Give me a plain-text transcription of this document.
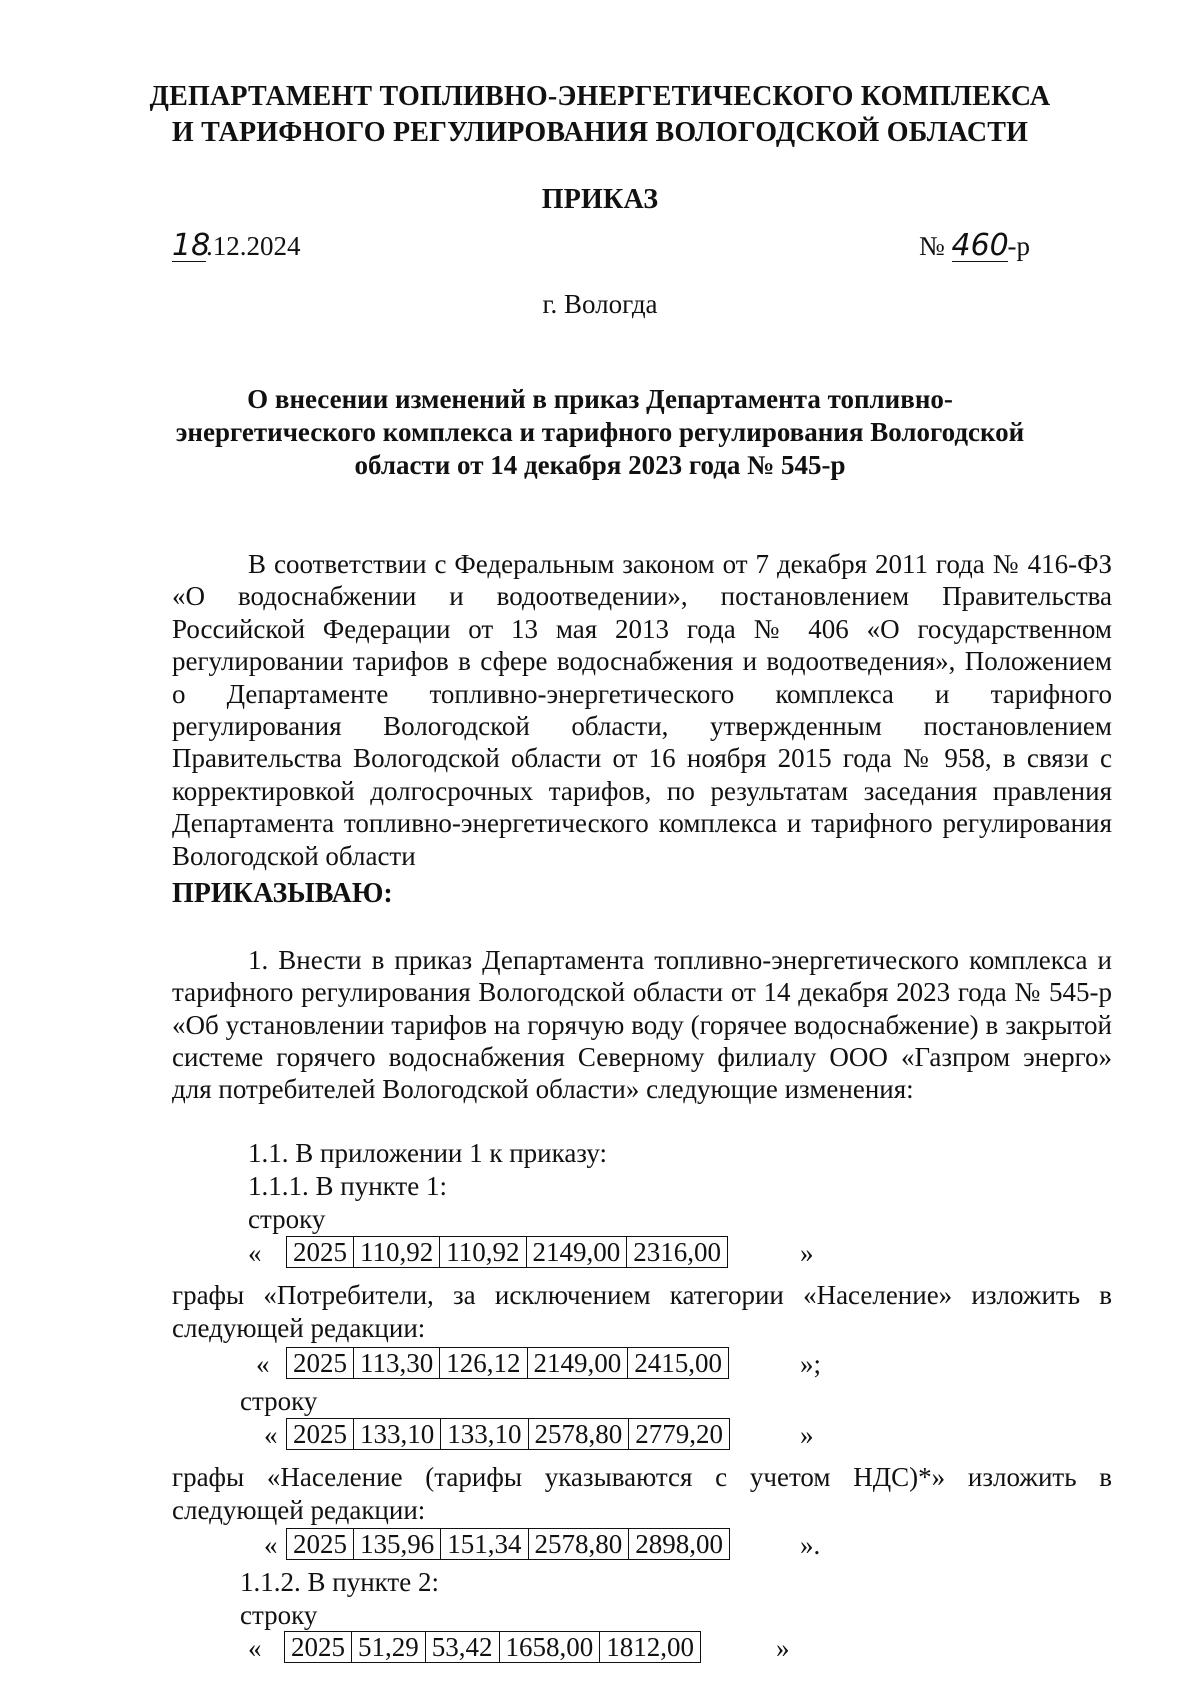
ДЕПАРТАМЕНТ ТОПЛИВНО-ЭНЕРГЕТИЧЕСКОГО КОМПЛЕКСА
И ТАРИФНОГО РЕГУЛИРОВАНИЯ ВОЛОГОДСКОЙ ОБЛАСТИ
ПРИКАЗ
18.12.2024	№ 460-р
г. Вологда
О внесении изменений в приказ Департамента топливно-
энергетического комплекса и тарифного регулирования Вологодской
области от 14 декабря 2023 года № 545-р

В соответствии с Федеральным законом от 7 декабря 2011 года № 416-ФЗ «О водоснабжении и водоотведении», постановлением Правительства Российской Федерации от 13 мая 2013 года № 406 «О государственном регулировании тарифов в сфере водоснабжения и водоотведения», Положением о Департаменте топливно-энергетического комплекса и тарифного регулирования Вологодской области, утвержденным постановлением Правительства Вологодской области от 16 ноября 2015 года № 958, в связи с корректировкой долгосрочных тарифов, по результатам заседания правления Департамента топливно-энергетического комплекса и тарифного регулирования Вологодской области

ПРИКАЗЫВАЮ:

1. Внести в приказ Департамента топливно-энергетического комплекса и тарифного регулирования Вологодской области от 14 декабря 2023 года № 545-р «Об установлении тарифов на горячую воду (горячее водоснабжение) в закрытой системе горячего водоснабжения Северному филиалу ООО «Газпром энерго» для потребителей Вологодской области» следующие изменения:

1.1. В приложении 1 к приказу:
1.1.1. В пункте 1:
строку
« 2025	110,92	110,92	2149,00	2316,00	»
графы «Потребители, за исключением категории «Население» изложить в
следующей редакции:
« 2025	113,30	126,12	2149,00	2415,00	»;
строку
« 2025	133,10	133,10	2578,80	2779,20	»
графы «Население (тарифы указываются с учетом НДС)*» изложить в
следующей редакции:
« 2025	135,96	151,34	2578,80	2898,00	».
1.1.2. В пункте 2:
строку
« 2025	51,29	53,42	1658,00	1812,00	»
